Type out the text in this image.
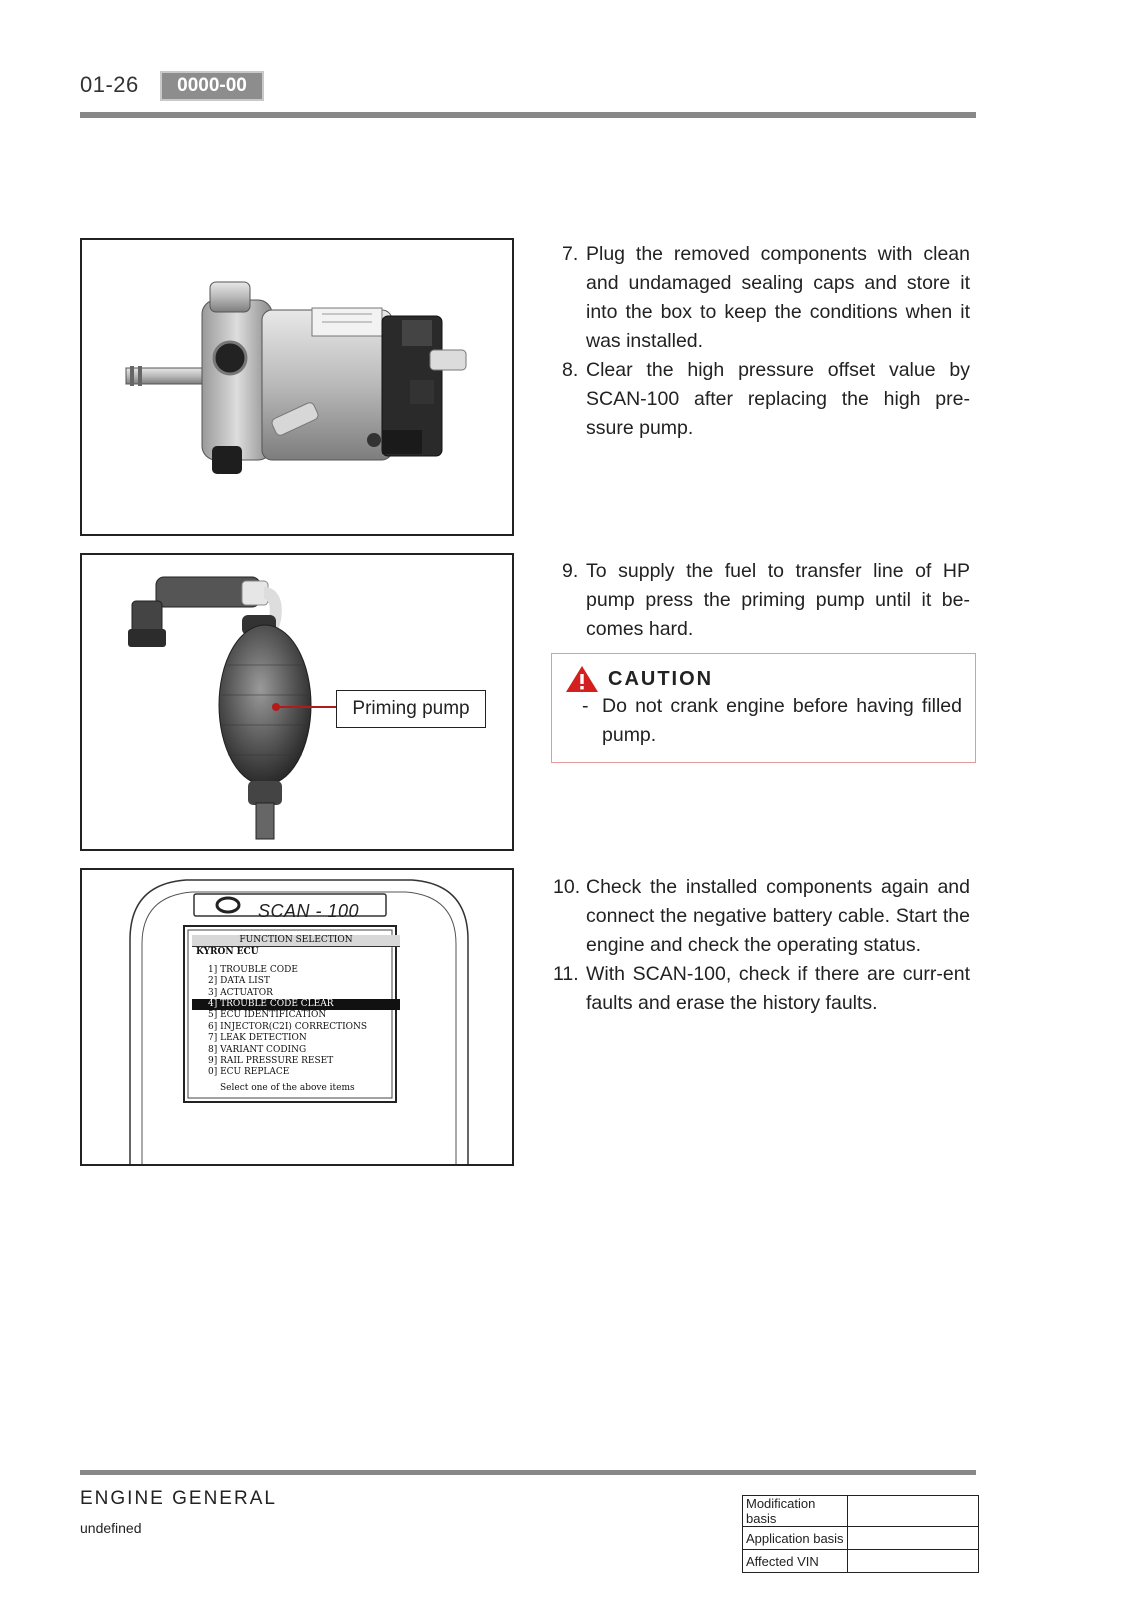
01-26	0000-00
Priming pump
SCAN - 100
FUNCTION SELECTION
KYRON ECU
1] TROUBLE CODE
2] DATA LIST
3] ACTUATOR
4] TROUBLE CODE CLEAR
5] ECU IDENTIFICATION
6] INJECTOR(C2I) CORRECTIONS
7] LEAK DETECTION
8] VARIANT CODING
9] RAIL PRESSURE RESET
0] ECU REPLACE
Select one of the above items
7. Plug the removed components with clean and undamaged sealing caps and store it into the box to keep the conditions when it was installed.
8. Clear the high pressure offset value by SCAN-100 after replacing the high pre-ssure pump.
9. To supply the fuel to transfer line of HP pump press the priming pump until it be-comes hard.
CAUTION
- Do not crank engine before having filled pump.
10. Check the installed components again and connect the negative battery cable. Start the engine and check the operating status.
11. With SCAN-100, check if there are curr-ent faults and erase the history faults.
ENGINE GENERAL
undefined
Modification basis	
Application basis	
Affected VIN	
